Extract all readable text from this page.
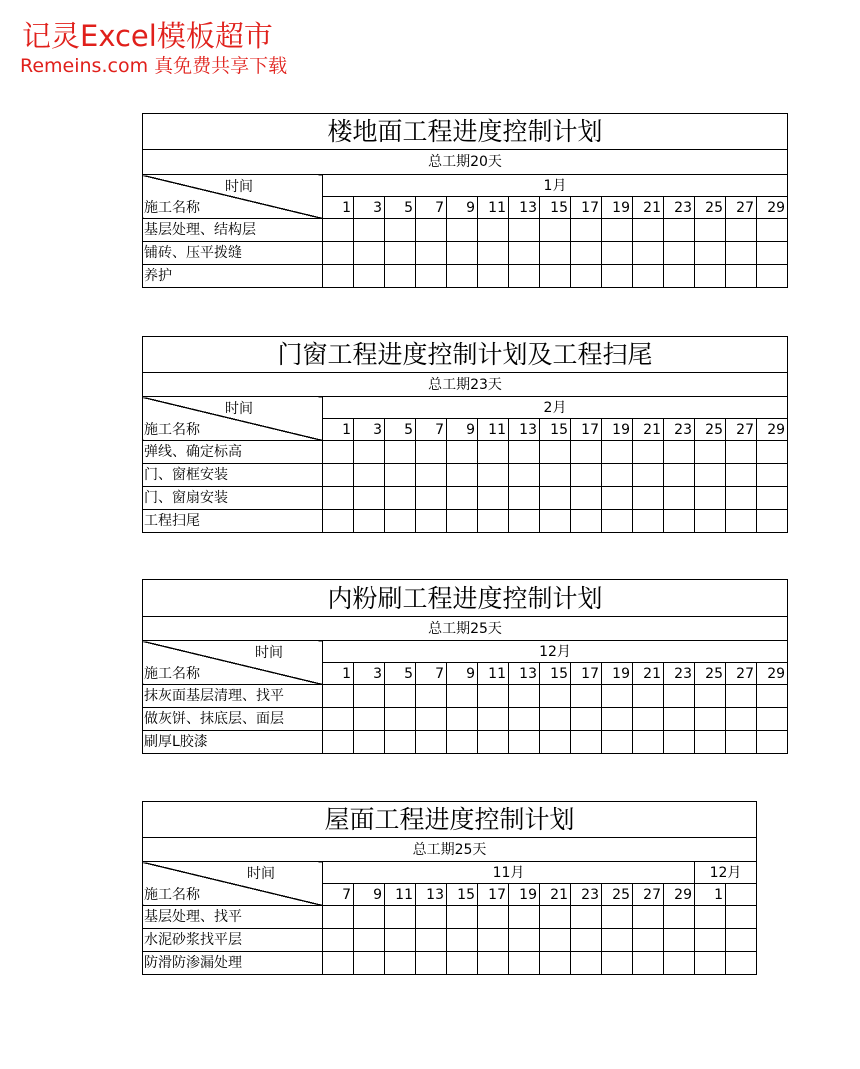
记灵Excel模板超市
Remeins.com 真免费共享下载
楼地面工程进度控制计划															
总工期20天															

时间
施工名称	1月														
	1	3	5	7	9	11	13	15	17	19	21	23	25	27	29
基层处理、结构层															
铺砖、压平拨缝															
养护															
门窗工程进度控制计划及工程扫尾															
总工期23天															

时间
施工名称	2月														
	1	3	5	7	9	11	13	15	17	19	21	23	25	27	29
弹线、确定标高															
门、窗框安装															
门、窗扇安装															
工程扫尾															
内粉刷工程进度控制计划															
总工期25天															

时间
施工名称	12月														
	1	3	5	7	9	11	13	15	17	19	21	23	25	27	29
抹灰面基层清理、找平															
做灰饼、抹底层、面层															
刷厚L胶漆															
屋面工程进度控制计划														
总工期25天														

时间
施工名称	11月												12月	
	7	9	11	13	15	17	19	21	23	25	27	29	1	
基层处理、找平														
水泥砂浆找平层														
防滑防渗漏处理														
